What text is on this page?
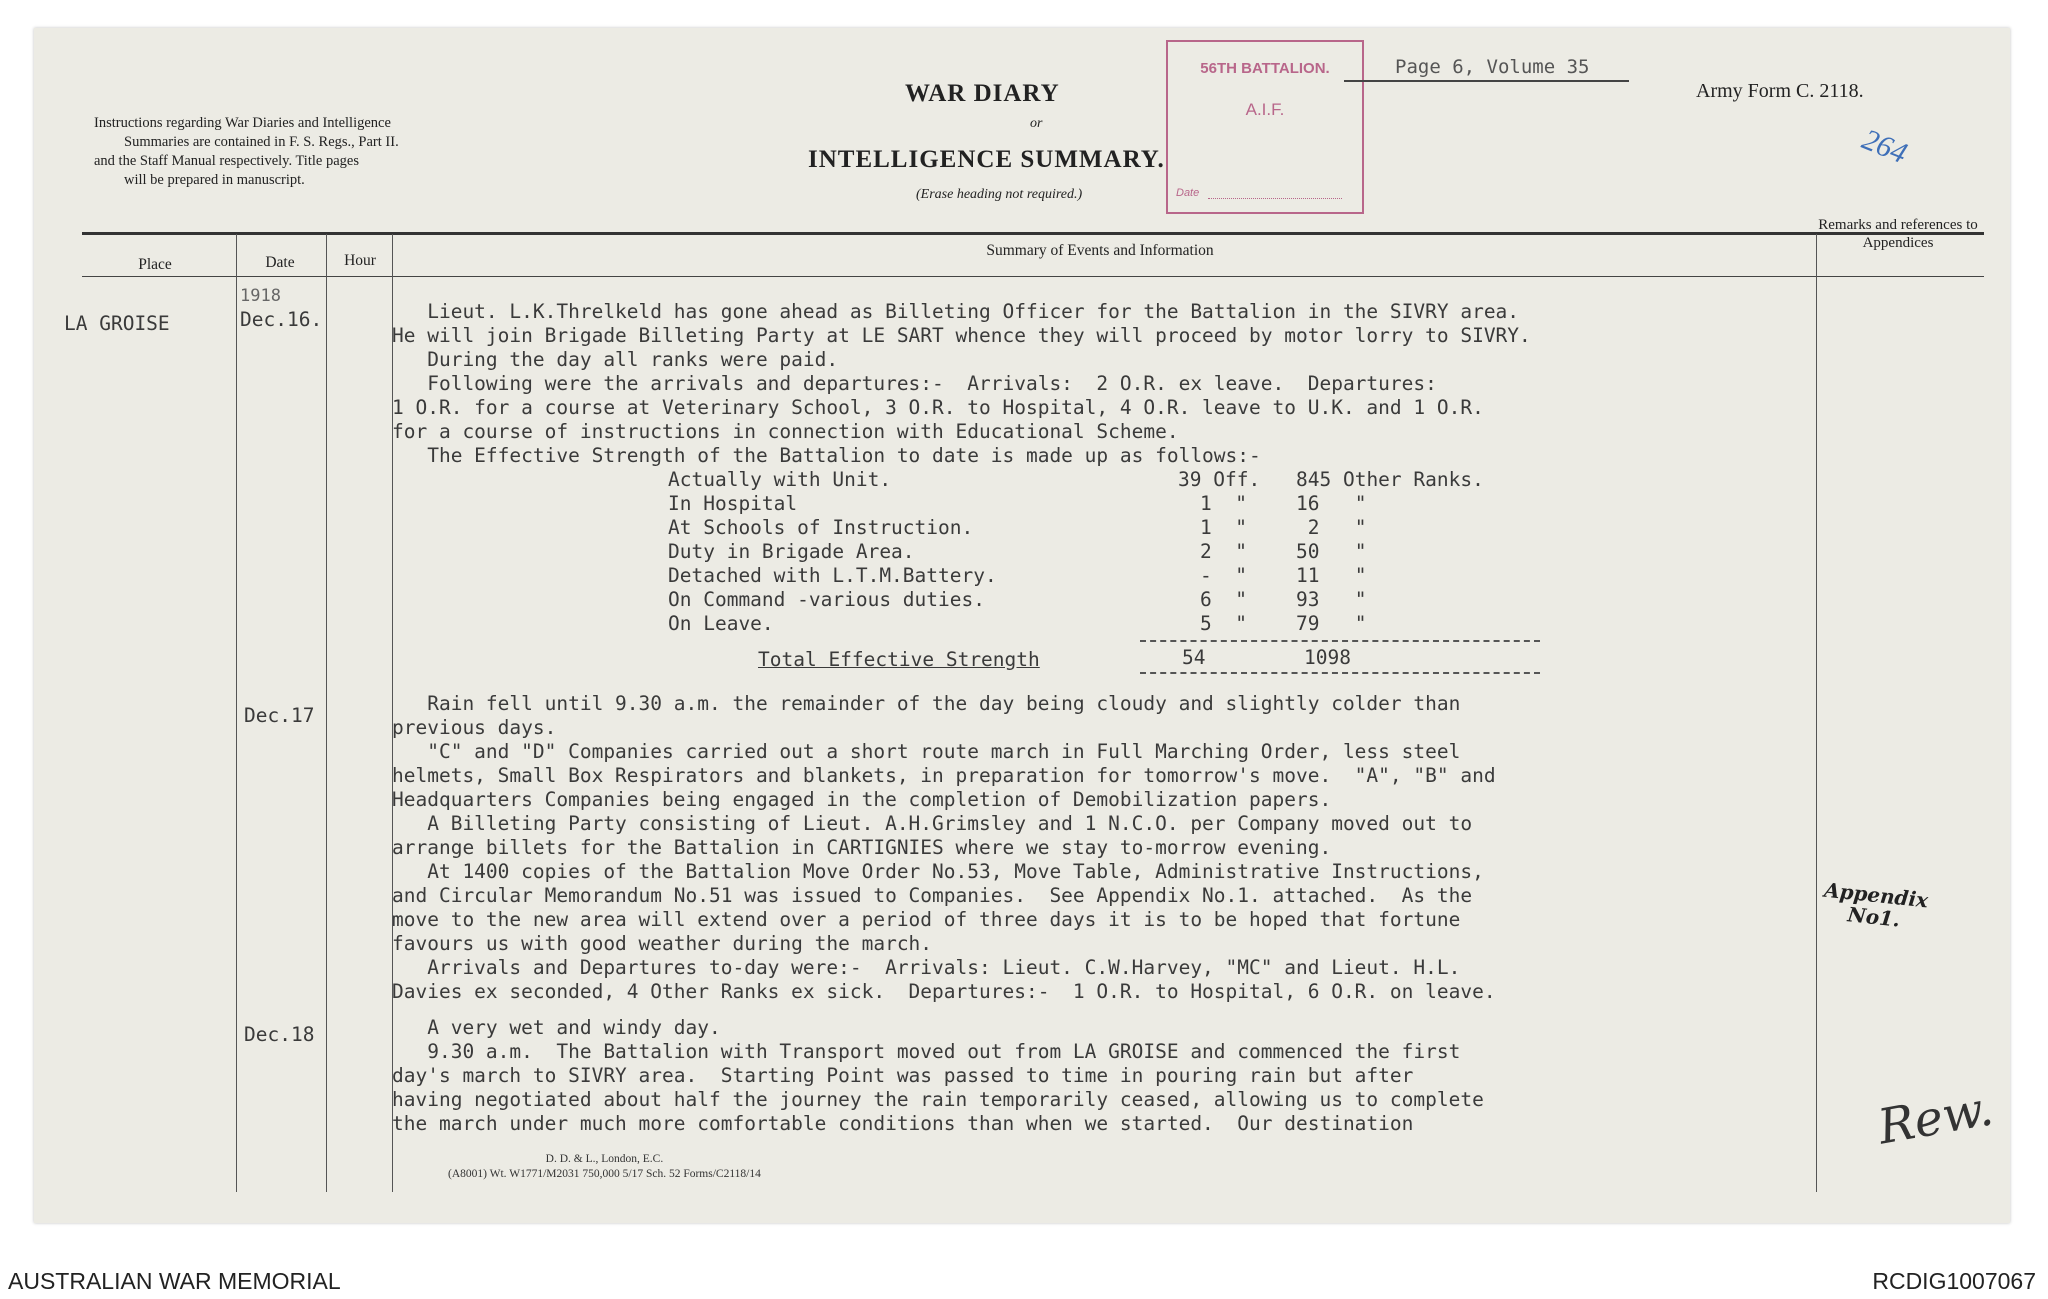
Instructions regarding War Diaries and Intelligence
Summaries are contained in F. S. Regs., Part II.
and the Staff Manual respectively. Title pages
will be prepared in manuscript.
WAR DIARY
or
INTELLIGENCE SUMMARY.
(Erase heading not required.)
56TH BATTALION.
A.I.F.
Date
Page 6, Volume 35
Army Form C. 2118.
264
Place	Date	Hour
Summary of Events and Information
Remarks and references to Appendices
LA GROISE
1918
Dec.16.
Dec.17
Dec.18
Lieut. L.K.Threlkeld has gone ahead as Billeting Officer for the Battalion in the SIVRY area.
He will join Brigade Billeting Party at LE SART whence they will proceed by motor lorry to SIVRY.
During the day all ranks were paid.
Following were the arrivals and departures:-  Arrivals:  2 O.R. ex leave.  Departures:
1 O.R. for a course at Veterinary School, 3 O.R. to Hospital, 4 O.R. leave to U.K. and 1 O.R.
for a course of instructions in connection with Educational Scheme.
The Effective Strength of the Battalion to date is made up as follows:-
Actually with Unit.	39 Off. 845 Other Ranks.
In Hospital	1  "	16   "
At Schools of Instruction.	1  "	2   "
Duty in Brigade Area.	2  "	50   "
Detached with L.T.M.Battery.	-  "	11   "
On Command -various duties.	6  "	93   "
On Leave.	5  "	79   "
Total Effective Strength	54	1098
Rain fell until 9.30 a.m. the remainder of the day being cloudy and slightly colder than
previous days.
"C" and "D" Companies carried out a short route march in Full Marching Order, less steel
helmets, Small Box Respirators and blankets, in preparation for tomorrow's move.  "A", "B" and
Headquarters Companies being engaged in the completion of Demobilization papers.
A Billeting Party consisting of Lieut. A.H.Grimsley and 1 N.C.O. per Company moved out to
arrange billets for the Battalion in CARTIGNIES where we stay to-morrow evening.
At 1400 copies of the Battalion Move Order No.53, Move Table, Administrative Instructions,
and Circular Memorandum No.51 was issued to Companies.  See Appendix No.1. attached.  As the
move to the new area will extend over a period of three days it is to be hoped that fortune
favours us with good weather during the march.
Arrivals and Departures to-day were:-  Arrivals: Lieut. C.W.Harvey, "MC" and Lieut. H.L.
Davies ex seconded, 4 Other Ranks ex sick.  Departures:-  1 O.R. to Hospital, 6 O.R. on leave.
A very wet and windy day.
9.30 a.m.  The Battalion with Transport moved out from LA GROISE and commenced the first
day's march to SIVRY area.  Starting Point was passed to time in pouring rain but after
having negotiated about half the journey the rain temporarily ceased, allowing us to complete
the march under much more comfortable conditions than when we started.  Our destination
Appendix No1.
Rew.
D. D. & L., London, E.C.
(A8001) Wt. W1771/M2031 750,000 5/17 Sch. 52 Forms/C2118/14
AUSTRALIAN WAR MEMORIAL	RCDIG1007067
